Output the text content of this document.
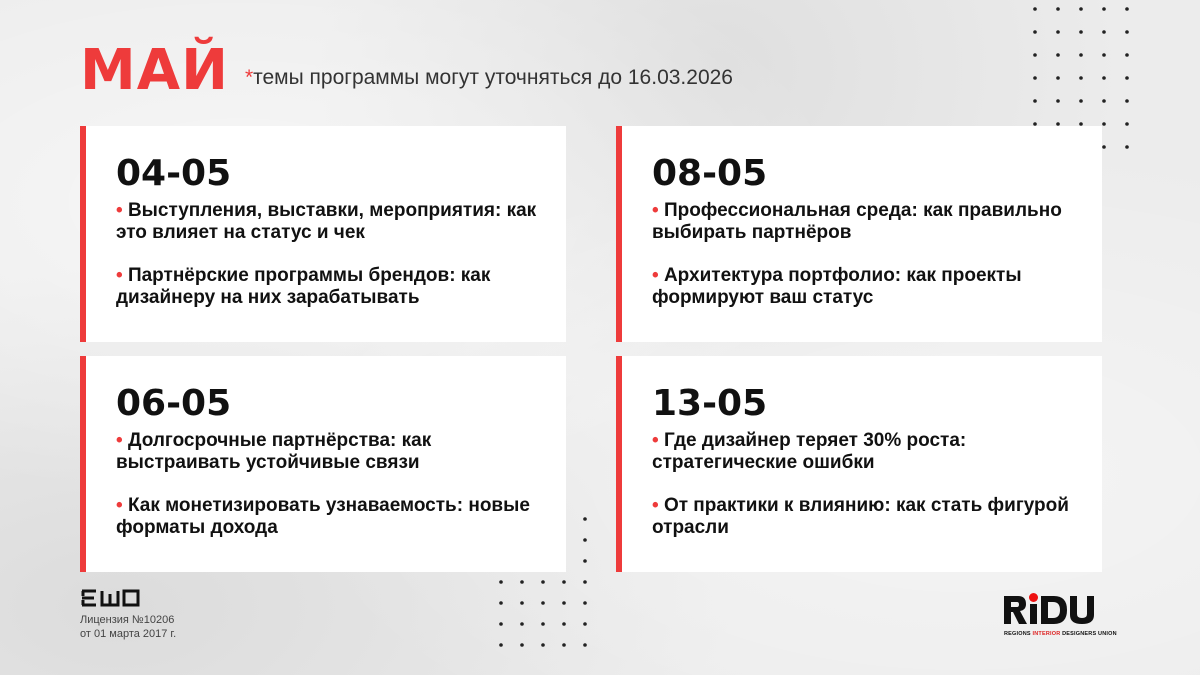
МАЙ *темы программы могут уточняться до 16.03.2026
04-05
• Выступления, выставки, мероприятия: как это влияет на статус и чек
• Партнёрские программы брендов: как дизайнеру на них зарабатывать
08-05
• Профессиональная среда: как правильно выбирать партнёров
• Архитектура портфолио: как проекты формируют ваш статус
06-05
• Долгосрочные партнёрства: как выстраивать устойчивые связи
• Как монетизировать узнаваемость: новые форматы дохода
13-05
• Где дизайнер теряет 30% роста: стратегические ошибки
• От практики к влиянию: как стать фигурой отрасли
Лицензия №10206
от 01 марта 2017 г.	REGIONS INTERIOR DESIGNERS UNION
